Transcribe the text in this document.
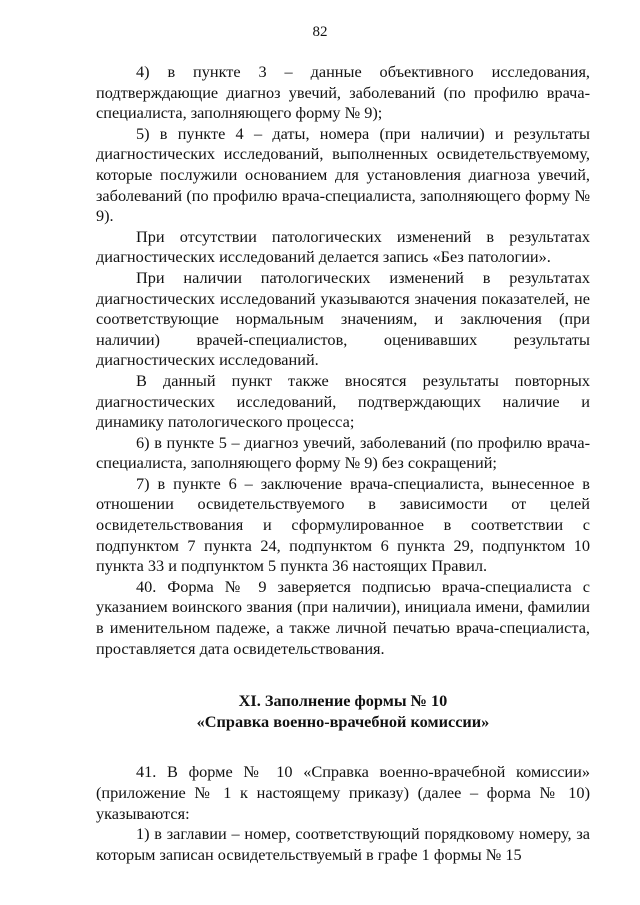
82

4) в пункте 3 – данные объективного исследования, подтверждающие диагноз увечий, заболеваний (по профилю врача-специалиста, заполняющего форму № 9);

5) в пункте 4 – даты, номера (при наличии) и результаты диагностических исследований, выполненных освидетельствуемому, которые послужили основанием для установления диагноза увечий, заболеваний (по профилю врача-специалиста, заполняющего форму № 9).

При отсутствии патологических изменений в результатах диагностических исследований делается запись «Без патологии».

При наличии патологических изменений в результатах диагностических исследований указываются значения показателей, не соответствующие нормальным значениям, и заключения (при наличии) врачей-специалистов, оценивавших результаты диагностических исследований.

В данный пункт также вносятся результаты повторных диагностических исследований, подтверждающих наличие и динамику патологического процесса;

6) в пункте 5 – диагноз увечий, заболеваний (по профилю врача-специалиста, заполняющего форму № 9) без сокращений;

7) в пункте 6 – заключение врача-специалиста, вынесенное в отношении освидетельствуемого в зависимости от целей освидетельствования и сформулированное в соответствии с подпунктом 7 пункта 24, подпунктом 6 пункта 29, подпунктом 10 пункта 33 и подпунктом 5 пункта 36 настоящих Правил.

40. Форма № 9 заверяется подписью врача-специалиста с указанием воинского звания (при наличии), инициала имени, фамилии в именительном падеже, а также личной печатью врача-специалиста, проставляется дата освидетельствования.

XI. Заполнение формы № 10
«Справка военно-врачебной комиссии»

41. В форме № 10 «Справка военно-врачебной комиссии» (приложение № 1 к настоящему приказу) (далее – форма № 10) указываются:

1) в заглавии – номер, соответствующий порядковому номеру, за которым записан освидетельствуемый в графе 1 формы № 15
